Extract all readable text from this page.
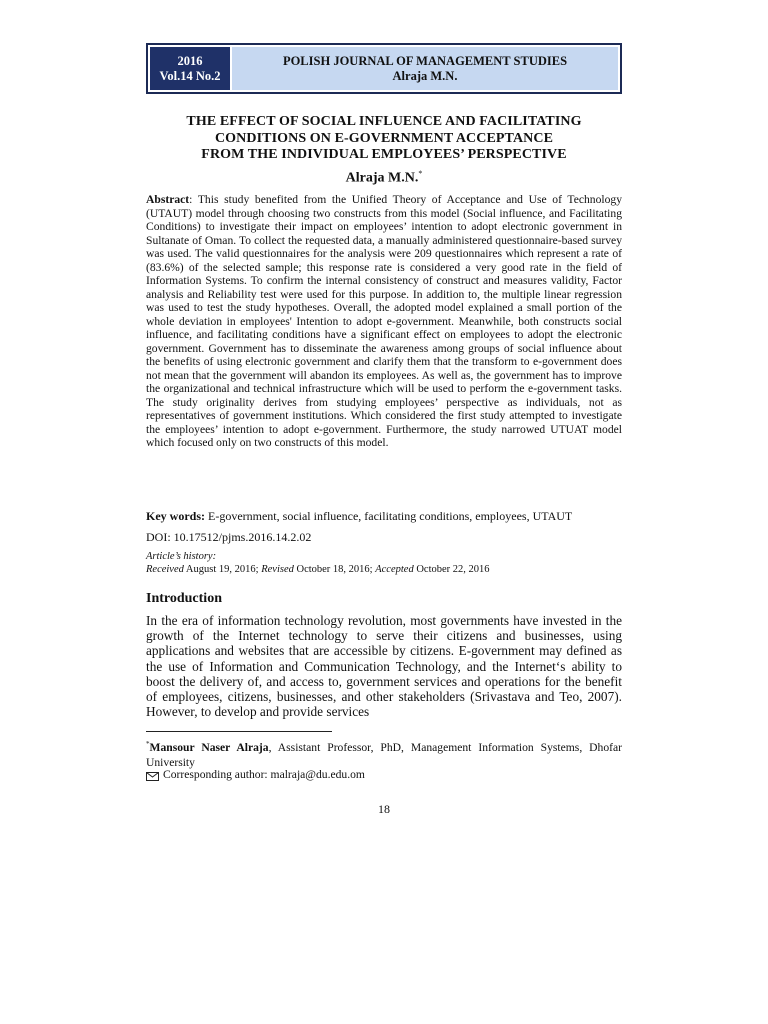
2016
Vol.14 No.2
POLISH JOURNAL OF MANAGEMENT STUDIES
Alraja M.N.
THE EFFECT OF SOCIAL INFLUENCE AND FACILITATING
CONDITIONS ON E-GOVERNMENT ACCEPTANCE
FROM THE INDIVIDUAL EMPLOYEES’ PERSPECTIVE
Alraja M.N.*

Abstract: This study benefited from the Unified Theory of Acceptance and Use of Technology (UTAUT) model through choosing two constructs from this model (Social influence, and Facilitating Conditions) to investigate their impact on employees’ intention to adopt electronic government in Sultanate of Oman. To collect the requested data, a manually administered questionnaire-based survey was used. The valid questionnaires for the analysis were 209 questionnaires which represent a rate of (83.6%) of the selected sample; this response rate is considered a very good rate in the field of Information Systems. To confirm the internal consistency of construct and measures validity, Factor analysis and Reliability test were used for this purpose. In addition to, the multiple linear regression was used to test the study hypotheses. Overall, the adopted model explained a small portion of the whole deviation in employees' Intention to adopt e-government. Meanwhile, both constructs social influence, and facilitating conditions have a significant effect on employees to adopt the electronic government. Government has to disseminate the awareness among groups of social influence about the benefits of using electronic government and clarify them that the transform to e-government does not mean that the government will abandon its employees. As well as, the government has to improve the organizational and technical infrastructure which will be used to perform the e-government tasks. The study originality derives from studying employees’ perspective as individuals, not as representatives of government institutions. Which considered the first study attempted to investigate the employees’ intention to adopt e-government. Furthermore, the study narrowed UTUAT model which focused only on two constructs of this model.

Key words: E-government, social influence, facilitating conditions, employees, UTAUT
DOI: 10.17512/pjms.2016.14.2.02
Article’s history:
Received August 19, 2016; Revised October 18, 2016; Accepted October 22, 2016
Introduction

In the era of information technology revolution, most governments have invested in the growth of the Internet technology to serve their citizens and businesses, using applications and websites that are accessible by citizens. E-government may defined as the use of Information and Communication Technology, and the Internet‘s ability to boost the delivery of, and access to, government services and operations for the benefit of employees, citizens, businesses, and other stakeholders (Srivastava and Teo, 2007). However, to develop and provide services

*Mansour Naser Alraja, Assistant Professor, PhD, Management Information Systems, Dhofar University
Corresponding author: malraja@du.edu.om
18
